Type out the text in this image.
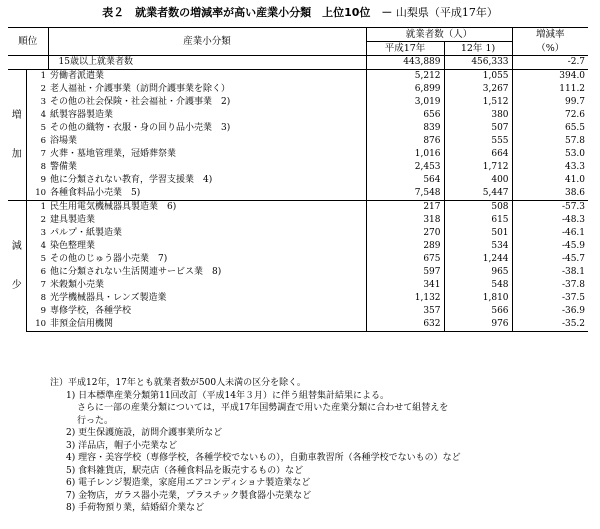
表２　就業者数の増減率が高い産業小分類　上位10位　－ 山梨県（平成17年）
順位		産業小分類	就業者数（人）		増減率
			平成17年	12年 1)	（%）
		15歳以上就業者数	443,889	456,333	-2.7

増
加	1	労働者派遣業	5,212	1,055	394.0
	2	老人福祉・介護事業（訪問介護事業を除く）	6,899	3,267	111.2
	3	その他の社会保険・社会福祉・介護事業　2)	3,019	1,512	99.7
	4	紙製容器製造業	656	380	72.6
	5	その他の織物・衣服・身の回り品小売業　3)	839	507	65.5
	6	浴場業	876	555	57.8
	7	火葬・墓地管理業，冠婚葬祭業	1,016	664	53.0
	8	警備業	2,453	1,712	43.3
	9	他に分類されない教育，学習支援業　4)	564	400	41.0
	10	各種食料品小売業　5)	7,548	5,447	38.6

減
少	1	民生用電気機械器具製造業　6)	217	508	-57.3
	2	建具製造業	318	615	-48.3
	3	パルプ・紙製造業	270	501	-46.1
	4	染色整理業	289	534	-45.9
	5	その他のじゅう器小売業　7)	675	1,244	-45.7
	6	他に分類されない生活関連サービス業　8)	597	965	-38.1
	7	米穀類小売業	341	548	-37.8
	8	光学機械器具・レンズ製造業	1,132	1,810	-37.5
	9	専修学校，各種学校	357	566	-36.9
	10	非預金信用機関	632	976	-35.2
注）平成12年，17年とも就業者数が500人未満の区分を除く。
1) 日本標準産業分類第11回改訂（平成14年３月）に伴う組替集計結果による。
さらに一部の産業分類については，平成17年国勢調査で用いた産業分類に合わせて組替えを
行った。
2) 更生保護施設，訪問介護事業所など
3) 洋品店，帽子小売業など
4) 理容・美容学校（専修学校，各種学校でないもの），自動車教習所（各種学校でないもの）など
5) 食料雑貨店，駅売店（各種食料品を販売するもの）など
6) 電子レンジ製造業，家庭用エアコンディショナ製造業など
7) 金物店，ガラス器小売業，プラスチック製食器小売業など
8) 手荷物預り業，結婚紹介業など
